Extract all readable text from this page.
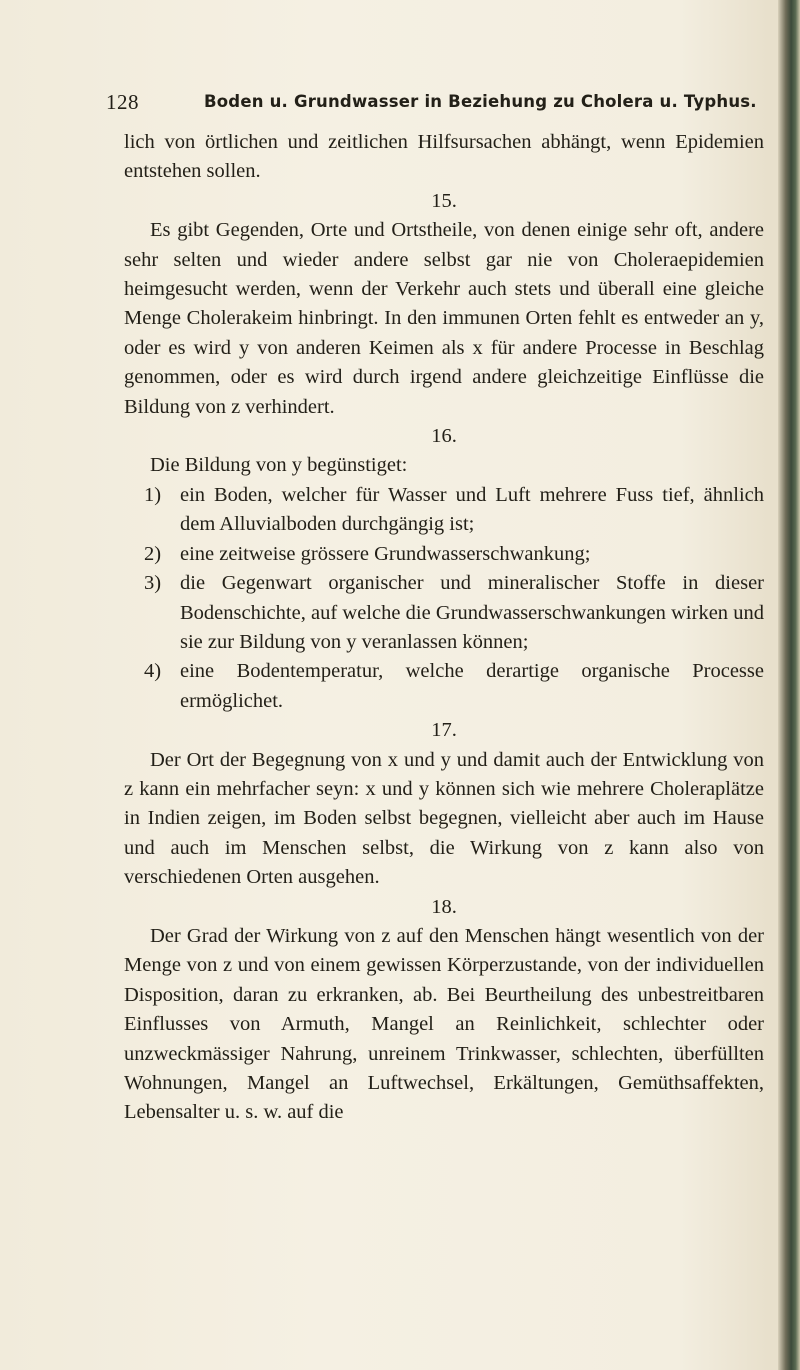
128	Boden u. Grundwasser in Beziehung zu Cholera u. Typhus.

lich von örtlichen und zeitlichen Hilfsursachen abhängt, wenn Epidemien entstehen sollen.

15.

Es gibt Gegenden, Orte und Ortstheile, von denen einige sehr oft, andere sehr selten und wieder andere selbst gar nie von Choleraepidemien heimgesucht werden, wenn der Verkehr auch stets und überall eine gleiche Menge Cholerakeim hinbringt. In den immunen Orten fehlt es entweder an y, oder es wird y von anderen Keimen als x für andere Processe in Beschlag genommen, oder es wird durch irgend andere gleichzeitige Einflüsse die Bildung von z verhindert.

16.

Die Bildung von y begünstiget:

1) ein Boden, welcher für Wasser und Luft mehrere Fuss tief, ähnlich dem Alluvialboden durchgängig ist;
2) eine zeitweise grössere Grundwasserschwankung;
3) die Gegenwart organischer und mineralischer Stoffe in dieser Bodenschichte, auf welche die Grundwasserschwankungen wirken und sie zur Bildung von y veranlassen können;
4) eine Bodentemperatur, welche derartige organische Processe ermöglichet.
17.

Der Ort der Begegnung von x und y und damit auch der Entwicklung von z kann ein mehrfacher seyn: x und y können sich wie mehrere Choleraplätze in Indien zeigen, im Boden selbst begegnen, vielleicht aber auch im Hause und auch im Menschen selbst, die Wirkung von z kann also von verschiedenen Orten ausgehen.

18.

Der Grad der Wirkung von z auf den Menschen hängt wesentlich von der Menge von z und von einem gewissen Körperzustande, von der individuellen Disposition, daran zu erkranken, ab. Bei Beurtheilung des unbestreitbaren Einflusses von Armuth, Mangel an Reinlichkeit, schlechter oder unzweckmässiger Nahrung, unreinem Trinkwasser, schlechten, überfüllten Wohnungen, Mangel an Luftwechsel, Erkältungen, Gemüthsaffekten, Lebensalter u. s. w. auf die
